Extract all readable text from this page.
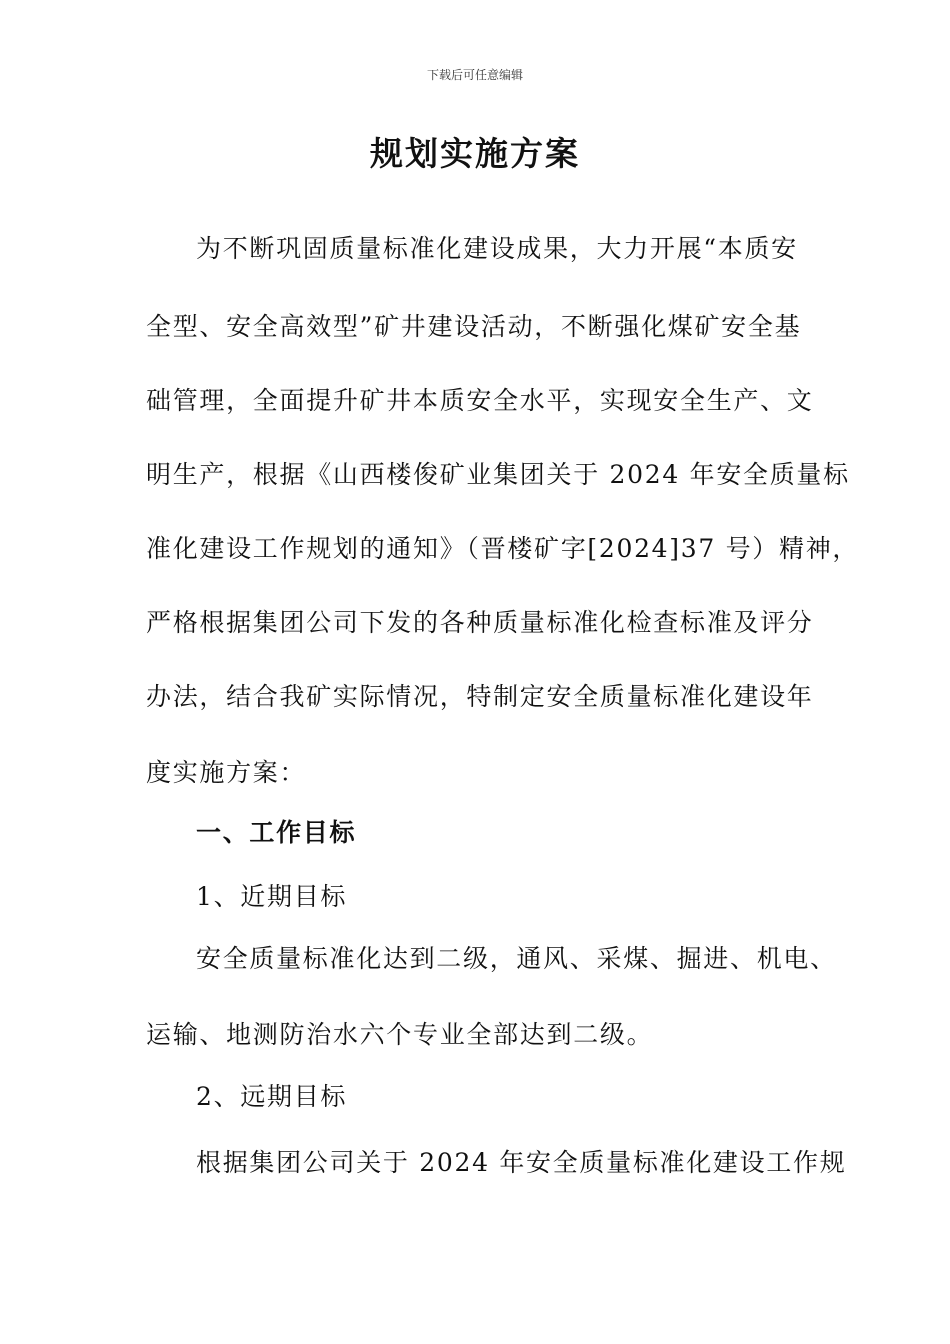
下载后可任意编辑
规划实施方案
为不断巩固质量标准化建设成果，大力开展“本质安
全型、安全高效型”矿井建设活动，不断强化煤矿安全基
础管理，全面提升矿井本质安全水平，实现安全生产、文
明生产，根据《山西楼俊矿业集团关于 2024 年安全质量标
准化建设工作规划的通知》（晋楼矿字[2024]37 号）精神，
严格根据集团公司下发的各种质量标准化检查标准及评分
办法，结合我矿实际情况，特制定安全质量标准化建设年
度实施方案：
一、工作目标
1、近期目标
安全质量标准化达到二级，通风、采煤、掘进、机电、
运输、地测防治水六个专业全部达到二级。
2、远期目标
根据集团公司关于 2024 年安全质量标准化建设工作规
